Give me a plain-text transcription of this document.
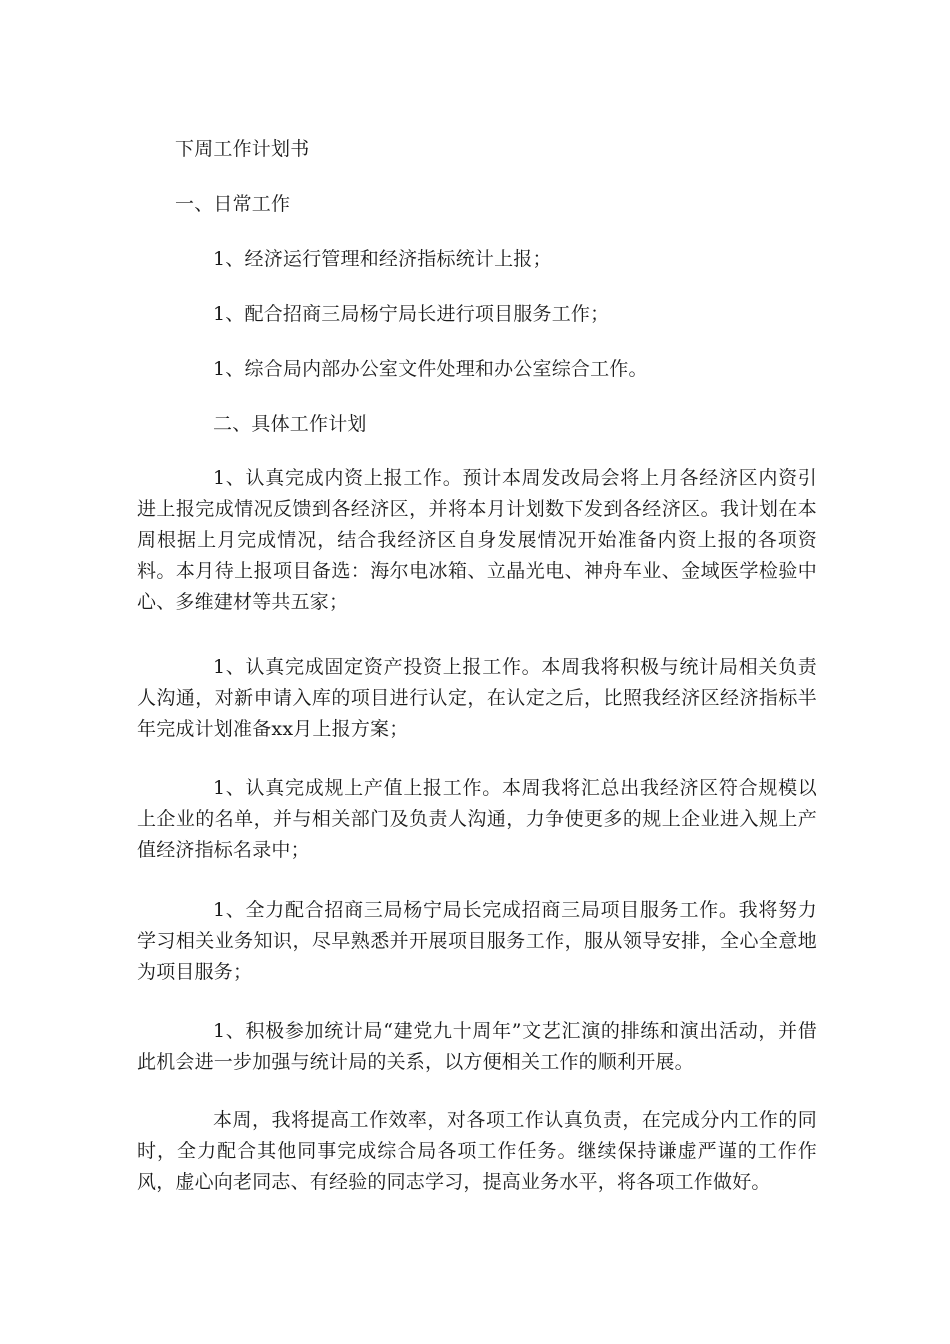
下周工作计划书
一、日常工作
1、经济运行管理和经济指标统计上报；
1、配合招商三局杨宁局长进行项目服务工作；
1、综合局内部办公室文件处理和办公室综合工作。
二、具体工作计划
1、认真完成内资上报工作。预计本周发改局会将上月各经济区内资引进上报完成情况反馈到各经济区，并将本月计划数下发到各经济区。我计划在本周根据上月完成情况，结合我经济区自身发展情况开始准备内资上报的各项资料。本月待上报项目备选：海尔电冰箱、立晶光电、神舟车业、金域医学检验中心、多维建材等共五家；
1、认真完成固定资产投资上报工作。本周我将积极与统计局相关负责人沟通，对新申请入库的项目进行认定，在认定之后，比照我经济区经济指标半年完成计划准备xx月上报方案；
1、认真完成规上产值上报工作。本周我将汇总出我经济区符合规模以上企业的名单，并与相关部门及负责人沟通，力争使更多的规上企业进入规上产值经济指标名录中；
1、全力配合招商三局杨宁局长完成招商三局项目服务工作。我将努力学习相关业务知识，尽早熟悉并开展项目服务工作，服从领导安排，全心全意地为项目服务；
1、积极参加统计局“建党九十周年”文艺汇演的排练和演出活动，并借此机会进一步加强与统计局的关系，以方便相关工作的顺利开展。
本周，我将提高工作效率，对各项工作认真负责，在完成分内工作的同时，全力配合其他同事完成综合局各项工作任务。继续保持谦虚严谨的工作作风，虚心向老同志、有经验的同志学习，提高业务水平，将各项工作做好。
